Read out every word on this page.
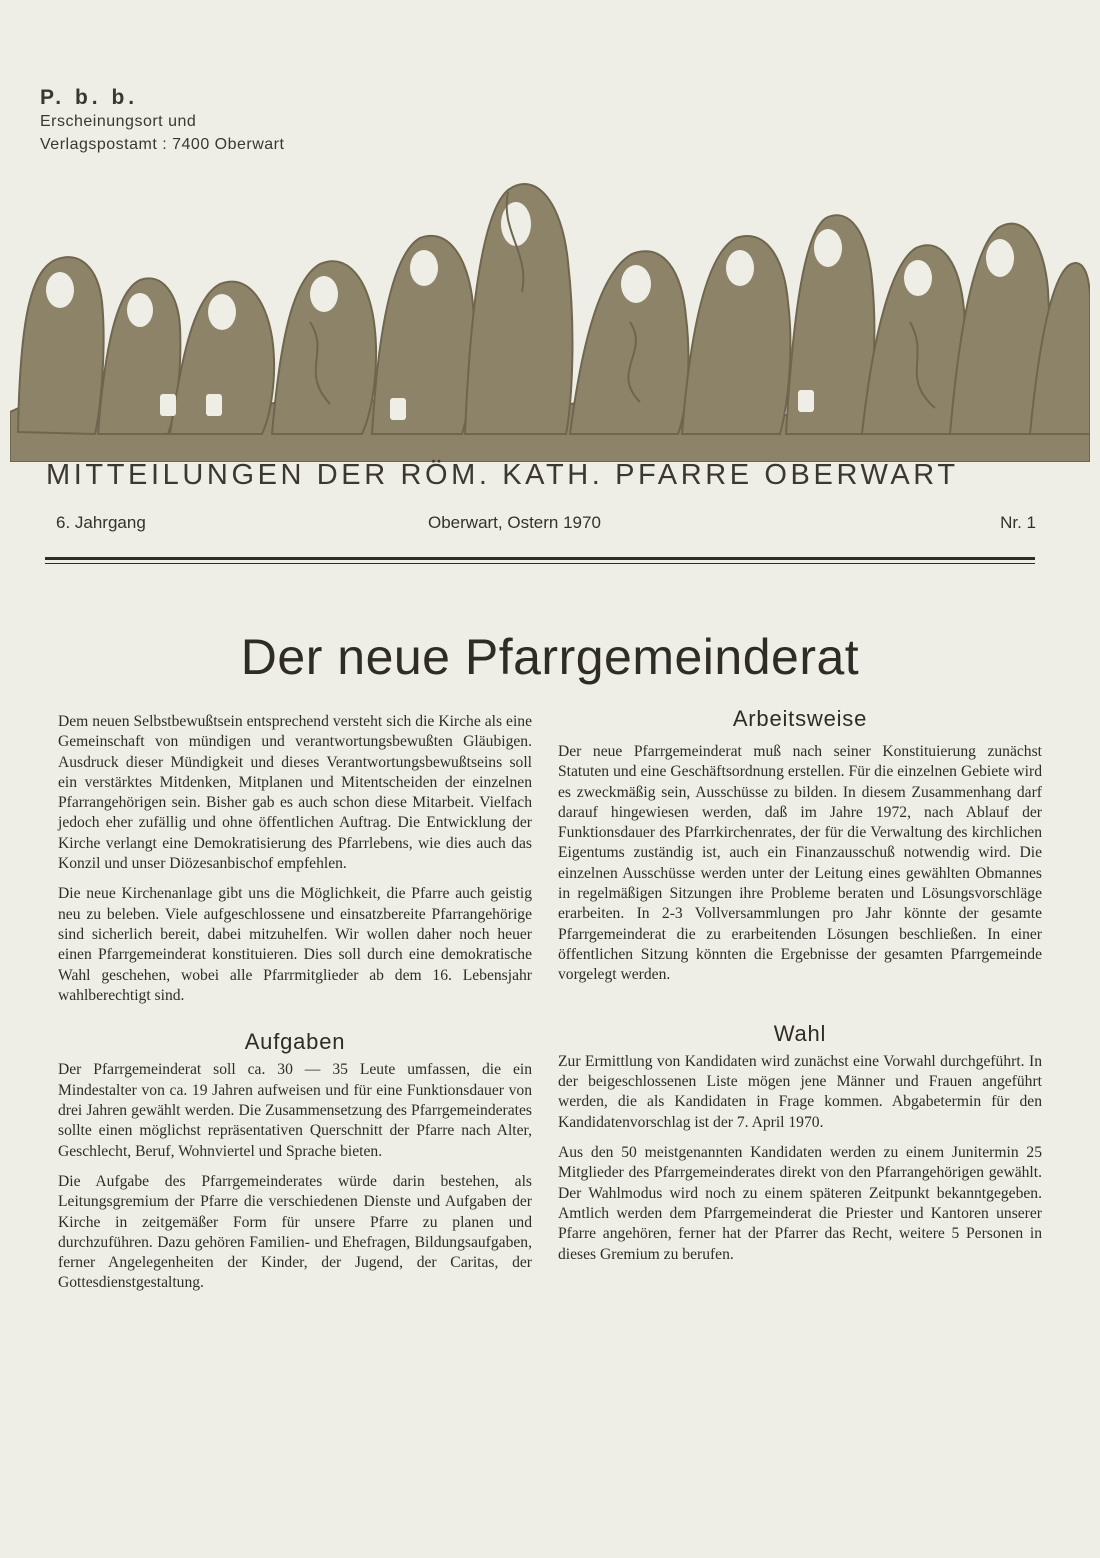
P. b. b.
Erscheinungsort und
Verlagspostamt : 7400 Oberwart
MITTEILUNGEN DER RÖM. KATH. PFARRE OBERWART
6. Jahrgang	Oberwart, Ostern 1970	Nr. 1
Der neue Pfarrgemeinderat

Dem neuen Selbstbewußtsein entsprechend versteht sich die Kirche als eine Gemeinschaft von mündigen und verantwortungsbewußten Gläubigen. Ausdruck dieser Mündigkeit und dieses Verantwortungsbewußtseins soll ein verstärktes Mitdenken, Mitplanen und Mitentscheiden der einzelnen Pfarrangehörigen sein. Bisher gab es auch schon diese Mitarbeit. Vielfach jedoch eher zufällig und ohne öffentlichen Auftrag. Die Entwicklung der Kirche verlangt eine Demokratisierung des Pfarrlebens, wie dies auch das Konzil und unser Diözesanbischof empfehlen.

Die neue Kirchenanlage gibt uns die Möglichkeit, die Pfarre auch geistig neu zu beleben. Viele aufgeschlossene und einsatzbereite Pfarrangehörige sind sicherlich bereit, dabei mitzuhelfen. Wir wollen daher noch heuer einen Pfarrgemeinderat konstituieren. Dies soll durch eine demokratische Wahl geschehen, wobei alle Pfarrmitglieder ab dem 16. Lebensjahr wahlberechtigt sind.

Aufgaben

Der Pfarrgemeinderat soll ca. 30 — 35 Leute umfassen, die ein Mindestalter von ca. 19 Jahren aufweisen und für eine Funktionsdauer von drei Jahren gewählt werden. Die Zusammensetzung des Pfarrgemeinderates sollte einen möglichst repräsentativen Querschnitt der Pfarre nach Alter, Geschlecht, Beruf, Wohnviertel und Sprache bieten.

Die Aufgabe des Pfarrgemeinderates würde darin bestehen, als Leitungsgremium der Pfarre die verschiedenen Dienste und Aufgaben der Kirche in zeitgemäßer Form für unsere Pfarre zu planen und durchzuführen. Dazu gehören Familien- und Ehefragen, Bildungsaufgaben, ferner Angelegenheiten der Kinder, der Jugend, der Caritas, der Gottesdienstgestaltung.

Arbeitsweise

Der neue Pfarrgemeinderat muß nach seiner Konstituierung zunächst Statuten und eine Geschäftsordnung erstellen. Für die einzelnen Gebiete wird es zweckmäßig sein, Ausschüsse zu bilden. In diesem Zusammenhang darf darauf hingewiesen werden, daß im Jahre 1972, nach Ablauf der Funktionsdauer des Pfarrkirchenrates, der für die Verwaltung des kirchlichen Eigentums zuständig ist, auch ein Finanzausschuß notwendig wird. Die einzelnen Ausschüsse werden unter der Leitung eines gewählten Obmannes in regelmäßigen Sitzungen ihre Probleme beraten und Lösungsvorschläge erarbeiten. In 2-3 Vollversammlungen pro Jahr könnte der gesamte Pfarrgemeinderat die zu erarbeitenden Lösungen beschließen. In einer öffentlichen Sitzung könnten die Ergebnisse der gesamten Pfarrgemeinde vorgelegt werden.

Wahl

Zur Ermittlung von Kandidaten wird zunächst eine Vorwahl durchgeführt. In der beigeschlossenen Liste mögen jene Männer und Frauen angeführt werden, die als Kandidaten in Frage kommen. Abgabetermin für den Kandidatenvorschlag ist der 7. April 1970.

Aus den 50 meistgenannten Kandidaten werden zu einem Junitermin 25 Mitglieder des Pfarrgemeinderates direkt von den Pfarrangehörigen gewählt. Der Wahlmodus wird noch zu einem späteren Zeitpunkt bekanntgegeben. Amtlich werden dem Pfarrgemeinderat die Priester und Kantoren unserer Pfarre angehören, ferner hat der Pfarrer das Recht, weitere 5 Personen in dieses Gremium zu berufen.
